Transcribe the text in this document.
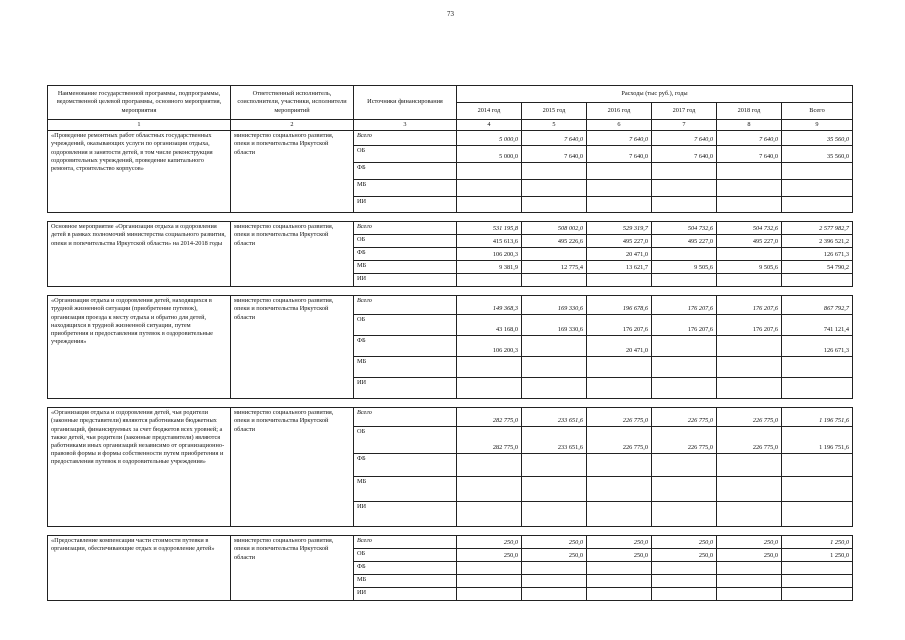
73
Наименование государственной программы, подпрограммы, ведомственной целевой программы, основного мероприятия, мероприятия	Ответственный исполнитель, соисполнители, участники, исполнители мероприятий	Источники финансирования	Расходы (тыс руб.), годы					
			2014 год	2015 год	2016 год	2017 год	2018 год	Всего
1	2	3	4	5	6	7	8	9
«Проведение ремонтных работ областных государственных учреждений, оказывающих услуги по организации отдыха, оздоровления и занятости детей, в том числе реконструкция оздоровительных учреждений, проведение капитального ремонта, строительство корпусов»	министерство социального развития, опеки и попечительства Иркутской области	Всего	5 000,0	7 640,0	7 640,0	7 640,0	7 640,0	35 560,0
		ОБ	5 000,0	7 640,0	7 640,0	7 640,0	7 640,0	35 560,0
		ФБ						
		МБ						
		ИИ						

Основное мероприятие «Организация отдыха и оздоровления детей в рамках полномочий министерства социального развития, опеки и попечительства Иркутской области» на 2014-2018 годы	министерство социального развития, опеки и попечительства Иркутской области	Всего	531 195,8	508 002,0	529 319,7	504 732,6	504 732,6	2 577 982,7
		ОБ	415 613,6	495 226,6	495 227,0	495 227,0	495 227,0	2 396 521,2
		ФБ	106 200,3		20 471,0			126 671,3
		МБ	9 381,9	12 775,4	13 621,7	9 505,6	9 505,6	54 790,2
		ИИ						

«Организация отдыха и оздоровления детей, находящихся в трудной жизненной ситуации (приобретение путевок), организация проезда к месту отдыха и обратно для детей, находящихся в трудной жизненной ситуации, путем приобретения и предоставления путевок в оздоровительные учреждения»	министерство социального развития, опеки и попечительства Иркутской области	Всего	149 368,3	169 330,6	196 678,6	176 207,6	176 207,6	867 792,7
		ОБ	43 168,0	169 330,6	176 207,6	176 207,6	176 207,6	741 121,4
		ФБ	106 200,3		20 471,0			126 671,3
		МБ						
		ИИ						

«Организация отдыха и оздоровления детей, чьи родители (законные представители) являются работниками бюджетных организаций, финансируемых за счет бюджетов всех уровней; а также детей, чьи родители (законные представители) являются работниками иных организаций независимо от организационно-правовой формы и формы собственности путем приобретения и предоставления путевок в оздоровительные учреждения»	министерство социального развития, опеки и попечительства Иркутской области	Всего	282 775,0	233 651,6	226 775,0	226 775,0	226 775,0	1 196 751,6
		ОБ	282 775,0	233 651,6	226 775,0	226 775,0	226 775,0	1 196 751,6
		ФБ						
		МБ						
		ИИ						

«Предоставление компенсации части стоимости путевки в организации, обеспечивающие отдых и оздоровление детей»	министерство социального развития, опеки и попечительства Иркутской области	Всего	250,0	250,0	250,0	250,0	250,0	1 250,0
		ОБ	250,0	250,0	250,0	250,0	250,0	1 250,0
		ФБ						
		МБ						
		ИИ						
